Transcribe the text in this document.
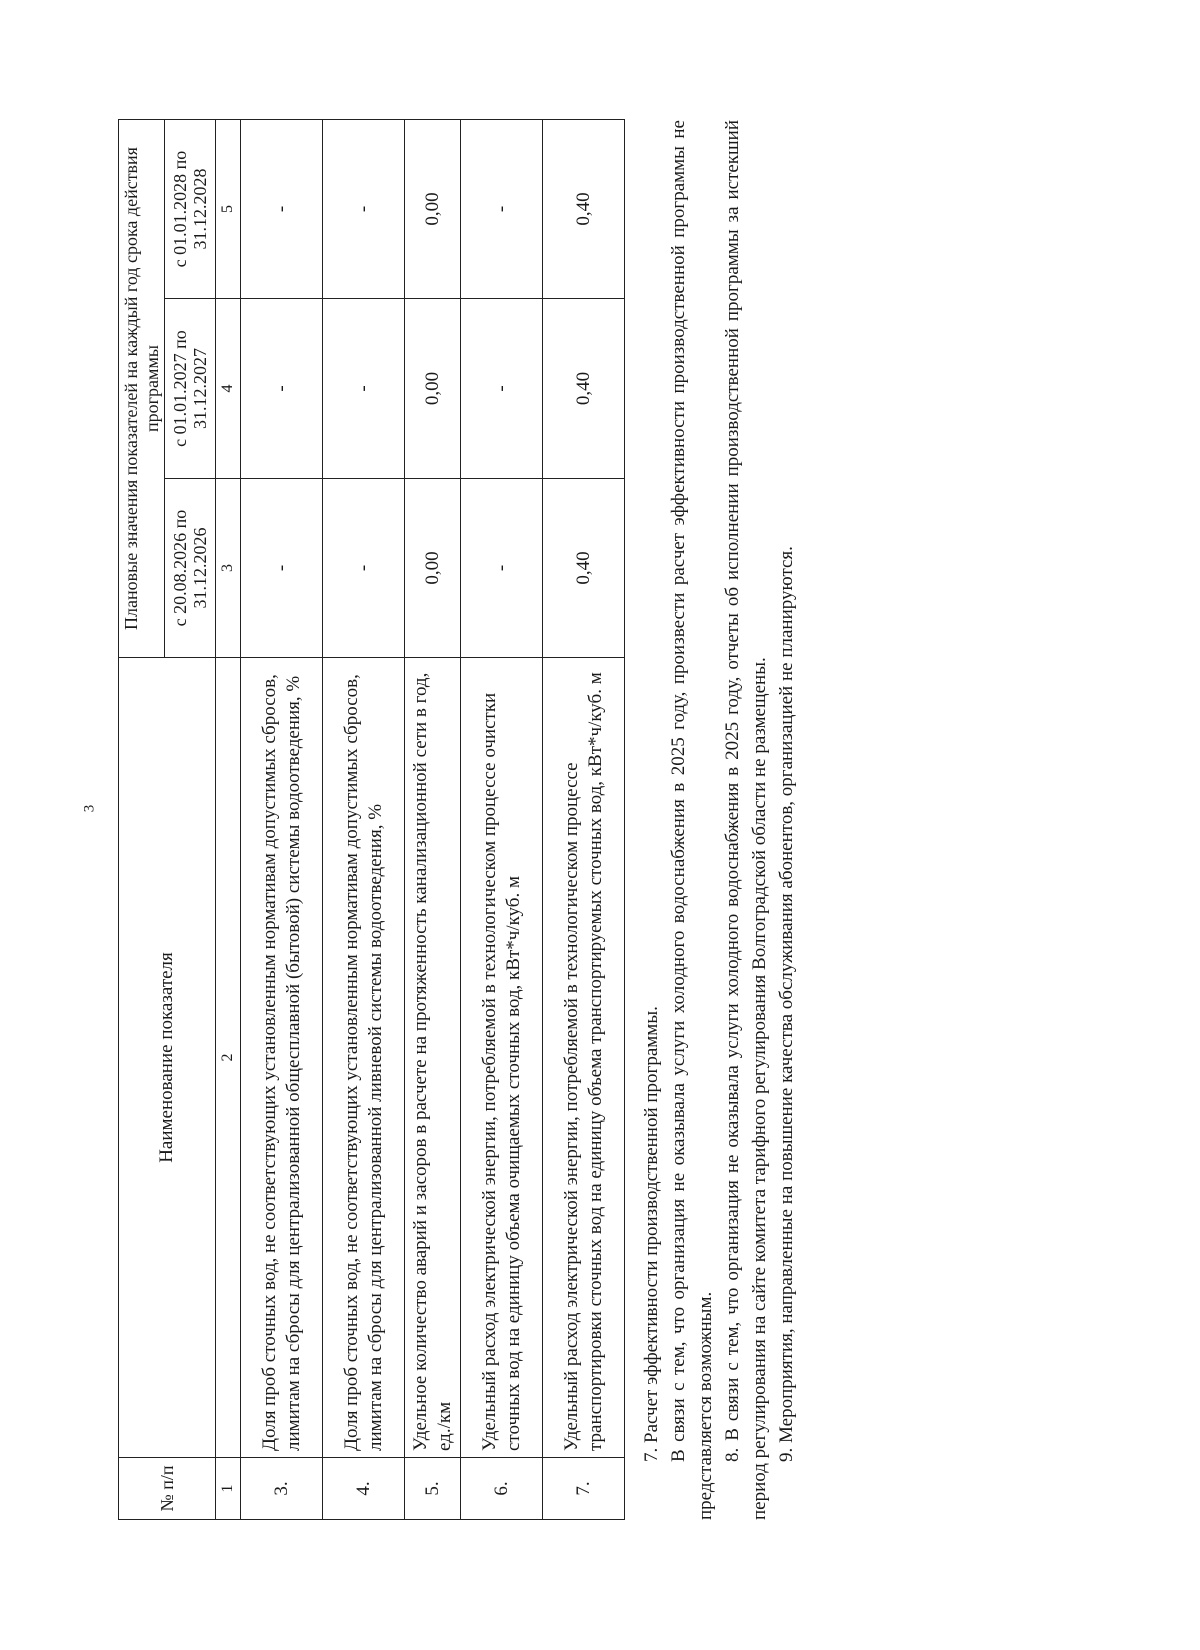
3
№ п/п	Наименование показателя	Плановые значения показателей на каждый год срока действия программы		
		с 20.08.2026 по 31.12.2026	с 01.01.2027 по 31.12.2027	с 01.01.2028 по 31.12.2028
1	2	3	4	5
3.	Доля проб сточных вод, не соответствующих установленным нормативам допустимых сбросов, лимитам на сбросы для централизованной общесплавной (бытовой) системы водоотведения, %	-	-	-
4.	Доля проб сточных вод, не соответствующих установленным нормативам допустимых сбросов, лимитам на сбросы для централизованной ливневой системы водоотведения, %	-	-	-
5.	Удельное количество аварий и засоров в расчете на протяженность канализационной сети в год, ед./км	0,00	0,00	0,00
6.	Удельный расход электрической энергии, потребляемой в технологическом процессе очистки сточных вод на единицу объема очищаемых сточных вод, кВт*ч/куб. м	-	-	-
7.	Удельный расход электрической энергии, потребляемой в технологическом процессе транспортировки сточных вод на единицу объема транспортируемых сточных вод, кВт*ч/куб. м	0,40	0,40	0,40

7. Расчет эффективности производственной программы. В связи с тем, что организация не оказывала услуги холодного водоснабжения в 2025 году, произвести расчет эффективности производственной программы не представляется возможным. 8. В связи с тем, что организация не оказывала услуги холодного водоснабжения в 2025 году, отчеты об исполнении производственной программы за истекший период регулирования на сайте комитета тарифного регулирования Волгоградской области не размещены. 9. Мероприятия, направленные на повышение качества обслуживания абонентов, организацией не планируются.
